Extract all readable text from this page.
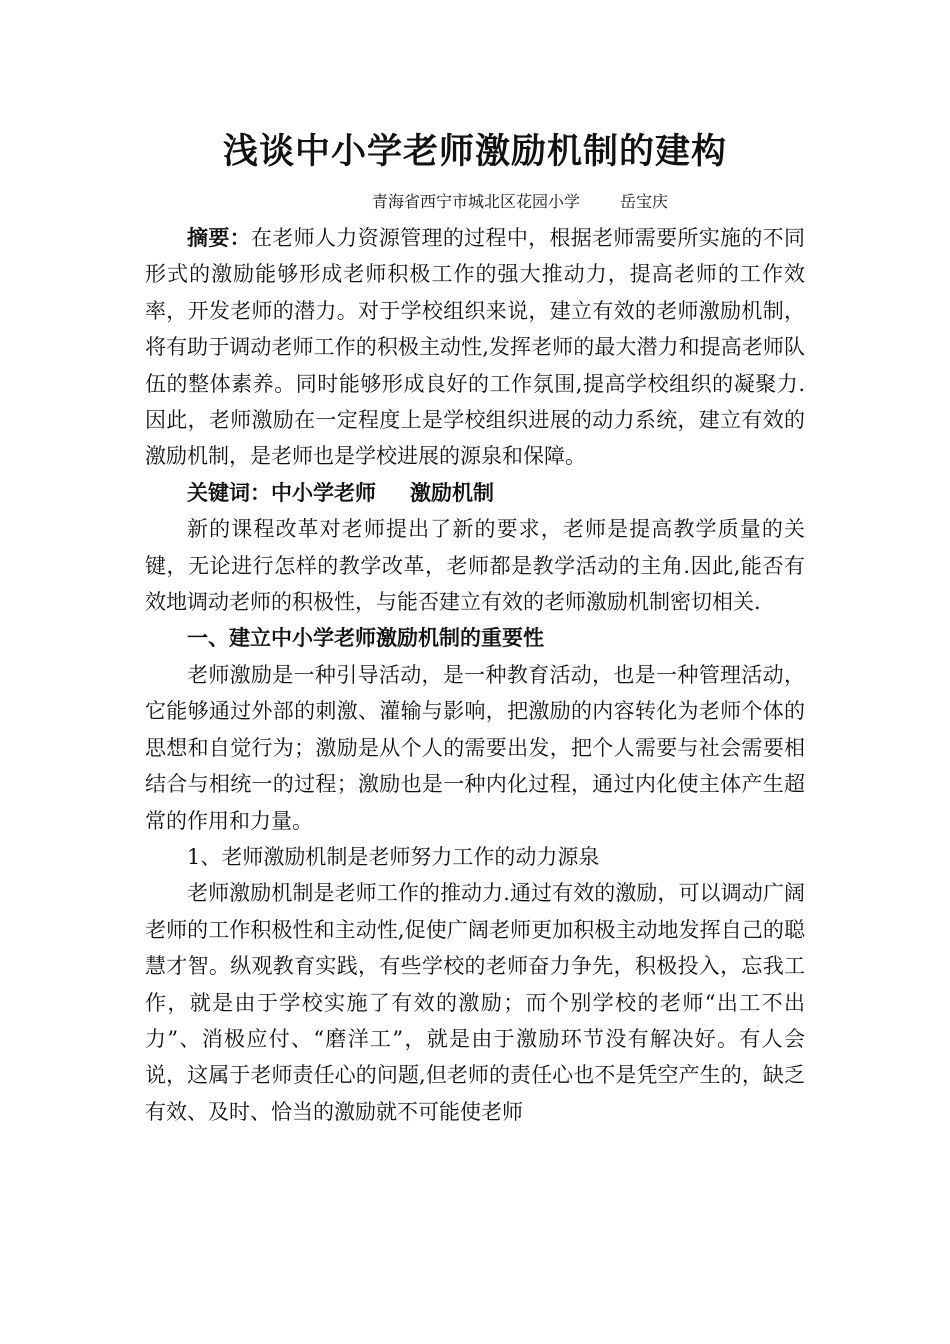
浅谈中小学老师激励机制的建构
青海省西宁市城北区花园小学	岳宝庆

摘要：在老师人力资源管理的过程中，根据老师需要所实施的不同形式的激励能够形成老师积极工作的强大推动力，提高老师的工作效率，开发老师的潜力。对于学校组织来说，建立有效的老师激励机制，将有助于调动老师工作的积极主动性,发挥老师的最大潜力和提高老师队伍的整体素养。同时能够形成良好的工作氛围,提高学校组织的凝聚力.因此，老师激励在一定程度上是学校组织进展的动力系统，建立有效的激励机制，是老师也是学校进展的源泉和保障。

关键词：中小学老师 激励机制

新的课程改革对老师提出了新的要求，老师是提高教学质量的关键，无论进行怎样的教学改革，老师都是教学活动的主角.因此,能否有效地调动老师的积极性，与能否建立有效的老师激励机制密切相关.

一、建立中小学老师激励机制的重要性

老师激励是一种引导活动，是一种教育活动，也是一种管理活动，它能够通过外部的刺激、灌输与影响，把激励的内容转化为老师个体的思想和自觉行为；激励是从个人的需要出发，把个人需要与社会需要相结合与相统一的过程；激励也是一种内化过程，通过内化使主体产生超常的作用和力量。

1、老师激励机制是老师努力工作的动力源泉

老师激励机制是老师工作的推动力.通过有效的激励，可以调动广阔老师的工作积极性和主动性,促使广阔老师更加积极主动地发挥自己的聪慧才智。纵观教育实践，有些学校的老师奋力争先，积极投入，忘我工作，就是由于学校实施了有效的激励；而个别学校的老师“出工不出力”、消极应付、“磨洋工”，就是由于激励环节没有解决好。有人会说，这属于老师责任心的问题,但老师的责任心也不是凭空产生的，缺乏有效、及时、恰当的激励就不可能使老师
